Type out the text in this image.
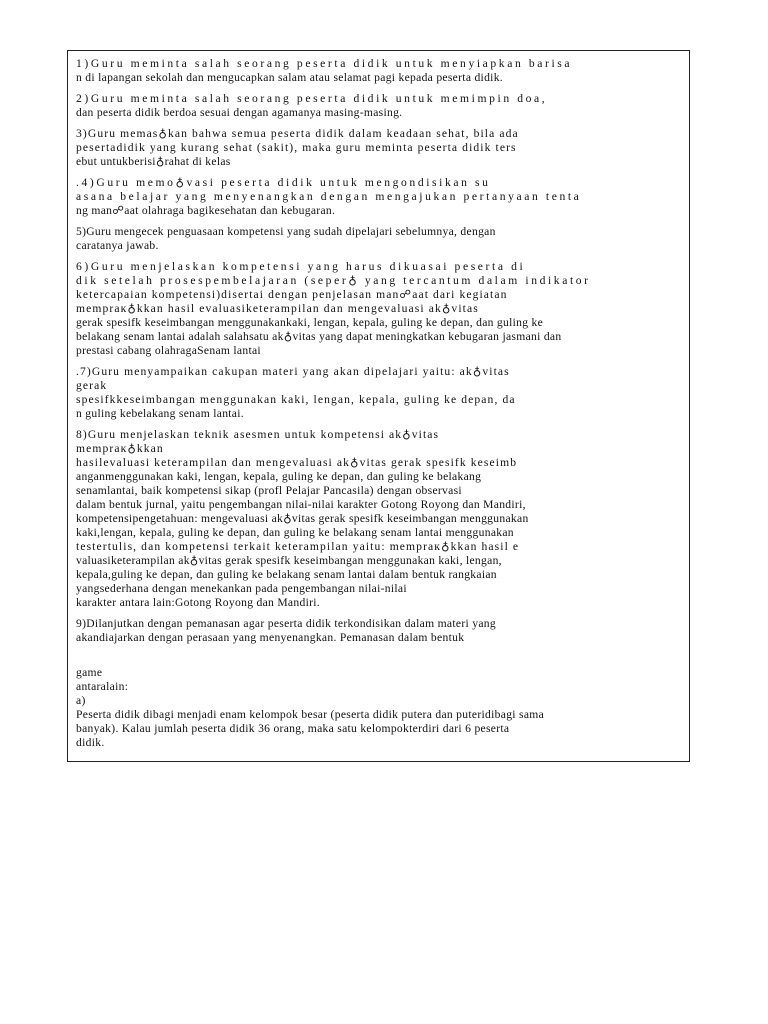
1)Guru meminta salah seorang peserta didik untuk menyiapkan barisa
n di lapangan sekolah dan mengucapkan salam atau selamat pagi kepada peserta didik.
2)Guru meminta salah seorang peserta didik untuk memimpin doa,
dan peserta didik berdoa sesuai dengan agamanya masing-masing.
3)Guru memas♁kan bahwa semua peserta didik dalam keadaan sehat, bila ada
pesertadidik yang kurang sehat (sakit), maka guru meminta peserta didik ters
ebut untukberisi♁rahat di kelas
.4)Guru memo♁vasi peserta didik untuk mengondisikan su
asana belajar yang menyenangkan dengan mengajukan pertanyaan tenta
ng man☍aat olahraga bagikesehatan dan kebugaran.
5)Guru mengecek penguasaan kompetensi yang sudah dipelajari sebelumnya, dengan
caratanya jawab.
6)Guru menjelaskan kompetensi yang harus dikuasai peserta di
dik setelah prosespembelajaran (seper♁ yang tercantum dalam indikator
ketercapaian kompetensi)disertai dengan penjelasan man☍aat dari kegiatan
mempraк♁kkan hasil evaluasiketerampilan dan mengevaluasi ak♁vitas
gerak spesifk keseimbangan menggunakankaki, lengan, kepala, guling ke depan, dan guling ke
belakang senam lantai adalah salahsatu ak♁vitas yang dapat meningkatkan kebugaran jasmani dan
prestasi cabang olahragaSenam lantai
.7)Guru menyampaikan cakupan materi yang akan dipelajari yaitu: ak♁vitas
gerak
spesifkkeseimbangan menggunakan kaki, lengan, kepala, guling ke depan, da
n guling kebelakang senam lantai.
8)Guru menjelaskan teknik asesmen untuk kompetensi ak♁vitas
mempraк♁kkan
hasilevaluasi keterampilan dan mengevaluasi ak♁vitas gerak spesifk keseimb
anganmenggunakan kaki, lengan, kepala, guling ke depan, dan guling ke belakang
senamlantai, baik kompetensi sikap (profl Pelajar Pancasila) dengan observasi
dalam bentuk jurnal, yaitu pengembangan nilai-nilai karakter Gotong Royong dan Mandiri,
kompetensipengetahuan: mengevaluasi ak♁vitas gerak spesifk keseimbangan menggunakan
kaki,lengan, kepala, guling ke depan, dan guling ke belakang senam lantai menggunakan
testertulis, dan kompetensi terkait keterampilan yaitu: mempraк♁kkan hasil e
valuasiketerampilan ak♁vitas gerak spesifk keseimbangan menggunakan kaki, lengan,
kepala,guling ke depan, dan guling ke belakang senam lantai dalam bentuk rangkaian
yangsederhana dengan menekankan pada pengembangan nilai-nilai
karakter antara lain:Gotong Royong dan Mandiri.
9)Dilanjutkan dengan pemanasan agar peserta didik terkondisikan dalam materi yang
akandiajarkan dengan perasaan yang menyenangkan. Pemanasan dalam bentuk

game
antaralain:
a)
Peserta didik dibagi menjadi enam kelompok besar (peserta didik putera dan puteridibagi sama
banyak). Kalau jumlah peserta didik 36 orang, maka satu kelompokterdiri dari 6 peserta
didik.
